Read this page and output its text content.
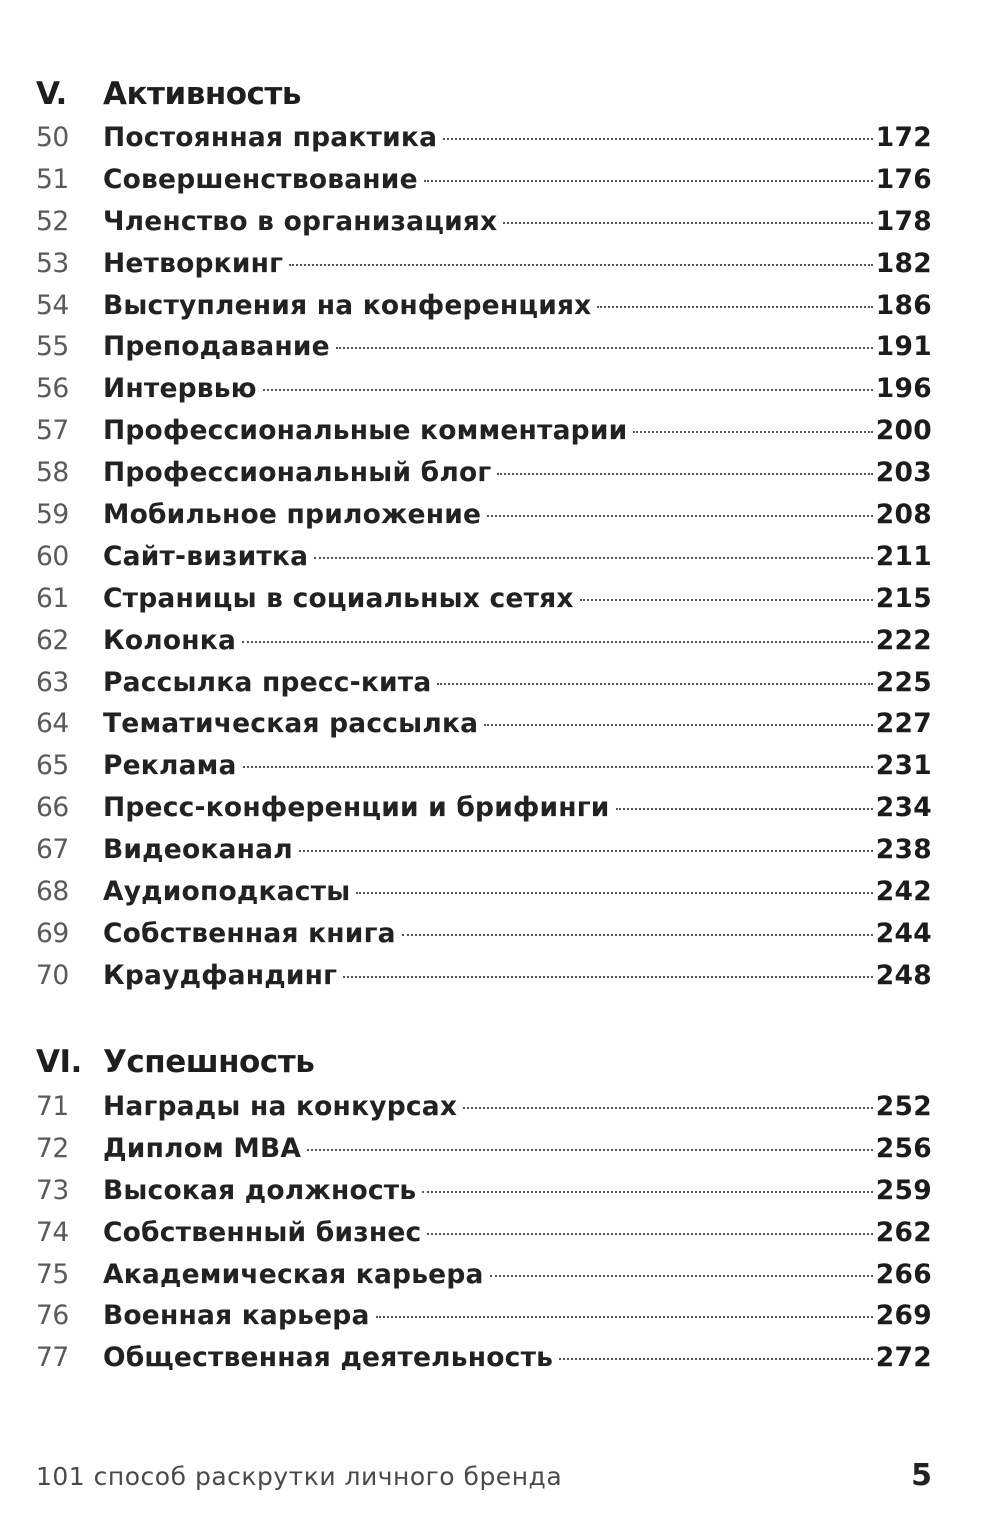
V. Активность
50	Постоянная практика	172
51	Совершенствование	176
52	Членство в организациях	178
53	Нетворкинг	182
54	Выступления на конференциях	186
55	Преподавание	191
56	Интервью	196
57	Профессиональные комментарии	200
58	Профессиональный блог	203
59	Мобильное приложение	208
60	Сайт-визитка	211
61	Страницы в социальных сетях	215
62	Колонка	222
63	Рассылка пресс-кита	225
64	Тематическая рассылка	227
65	Реклама	231
66	Пресс-конференции и брифинги	234
67	Видеоканал	238
68	Аудиоподкасты	242
69	Собственная книга	244
70	Краудфандинг	248
VI. Успешность
71	Награды на конкурсах	252
72	Диплом MBA	256
73	Высокая должность	259
74	Собственный бизнес	262
75	Академическая карьера	266
76	Военная карьера	269
77	Общественная деятельность	272
101 способ раскрутки личного бренда	5
